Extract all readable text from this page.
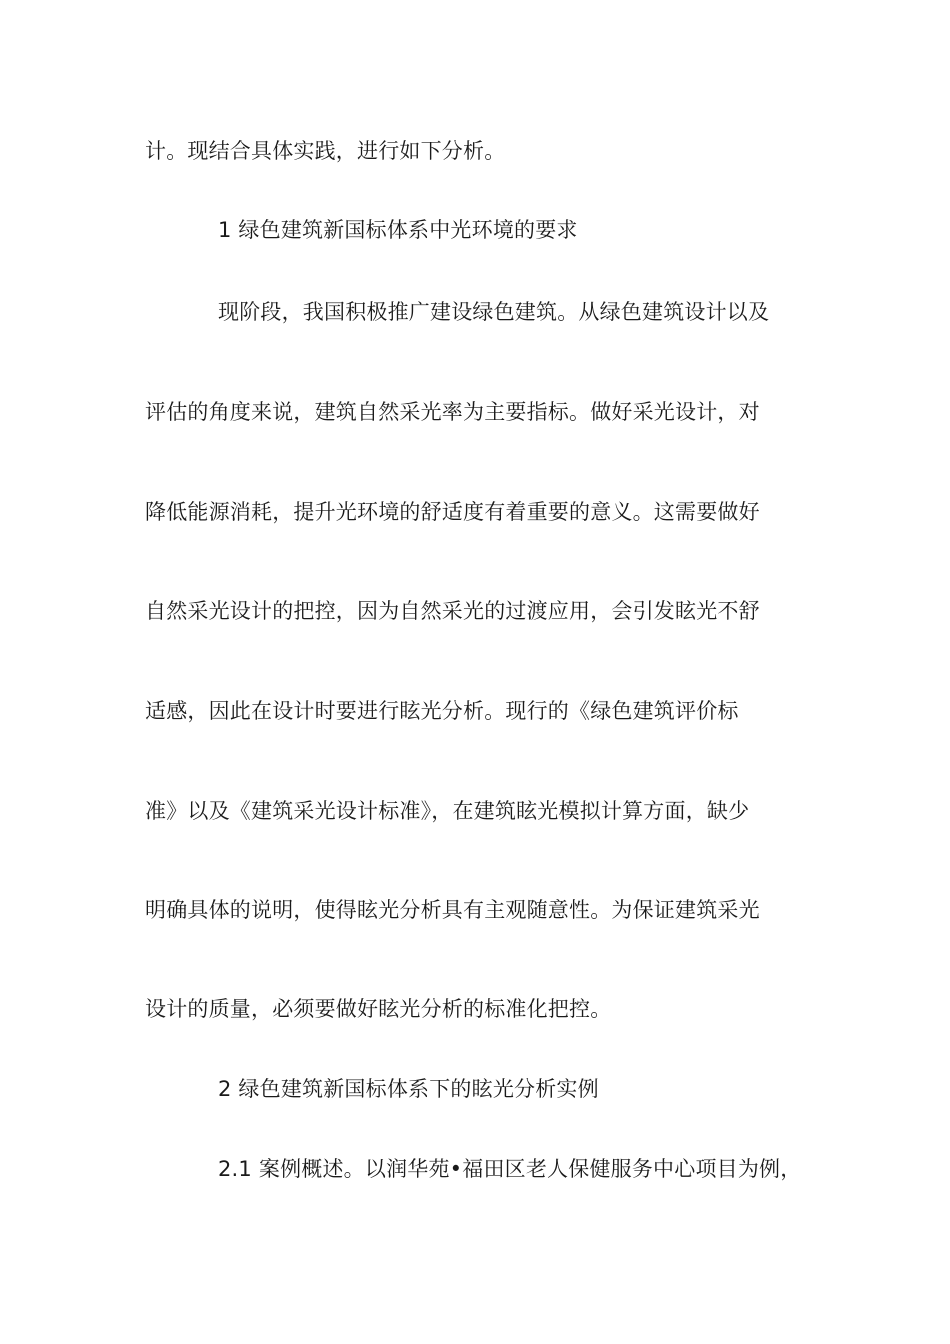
计。现结合具体实践，进行如下分析。
1 绿色建筑新国标体系中光环境的要求
现阶段，我国积极推广建设绿色建筑。从绿色建筑设计以及
评估的角度来说，建筑自然采光率为主要指标。做好采光设计，对
降低能源消耗，提升光环境的舒适度有着重要的意义。这需要做好
自然采光设计的把控，因为自然采光的过渡应用，会引发眩光不舒
适感，因此在设计时要进行眩光分析。现行的《绿色建筑评价标
准》以及《建筑采光设计标准》，在建筑眩光模拟计算方面，缺少
明确具体的说明，使得眩光分析具有主观随意性。为保证建筑采光
设计的质量，必须要做好眩光分析的标准化把控。
2 绿色建筑新国标体系下的眩光分析实例
2.1 案例概述。以润华苑•福田区老人保健服务中心项目为例，
